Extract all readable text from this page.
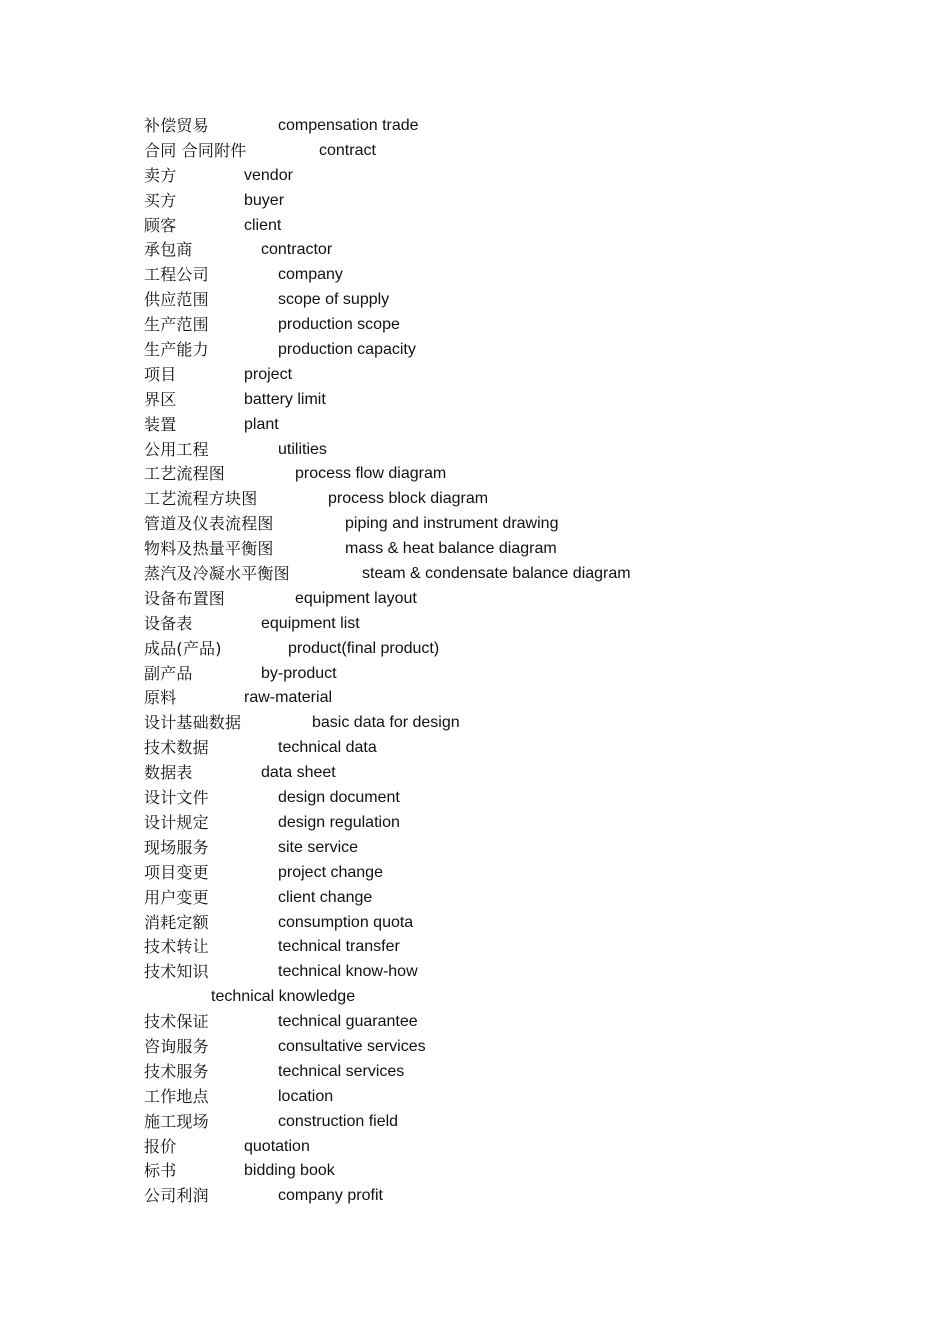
补偿贸易	compensation trade
合同 合同附件	contract
卖方	vendor
买方	buyer
顾客	client
承包商	contractor
工程公司	company
供应范围	scope of supply
生产范围	production scope
生产能力	production capacity
项目	project
界区	battery limit
装置	plant
公用工程	utilities
工艺流程图	process flow diagram
工艺流程方块图	process block diagram
管道及仪表流程图	piping and instrument drawing
物料及热量平衡图	mass & heat balance diagram
蒸汽及冷凝水平衡图	steam & condensate balance diagram
设备布置图	equipment layout
设备表	equipment list
成品(产品)	product(final product)
副产品	by-product
原料	raw-material
设计基础数据	basic data for design
技术数据	technical data
数据表	data sheet
设计文件	design document
设计规定	design regulation
现场服务	site service
项目变更	project change
用户变更	client change
消耗定额	consumption quota
技术转让	technical transfer
技术知识	technical know-how
technical knowledge
技术保证	technical guarantee
咨询服务	consultative services
技术服务	technical services
工作地点	location
施工现场	construction field
报价	quotation
标书	bidding book
公司利润	company profit
